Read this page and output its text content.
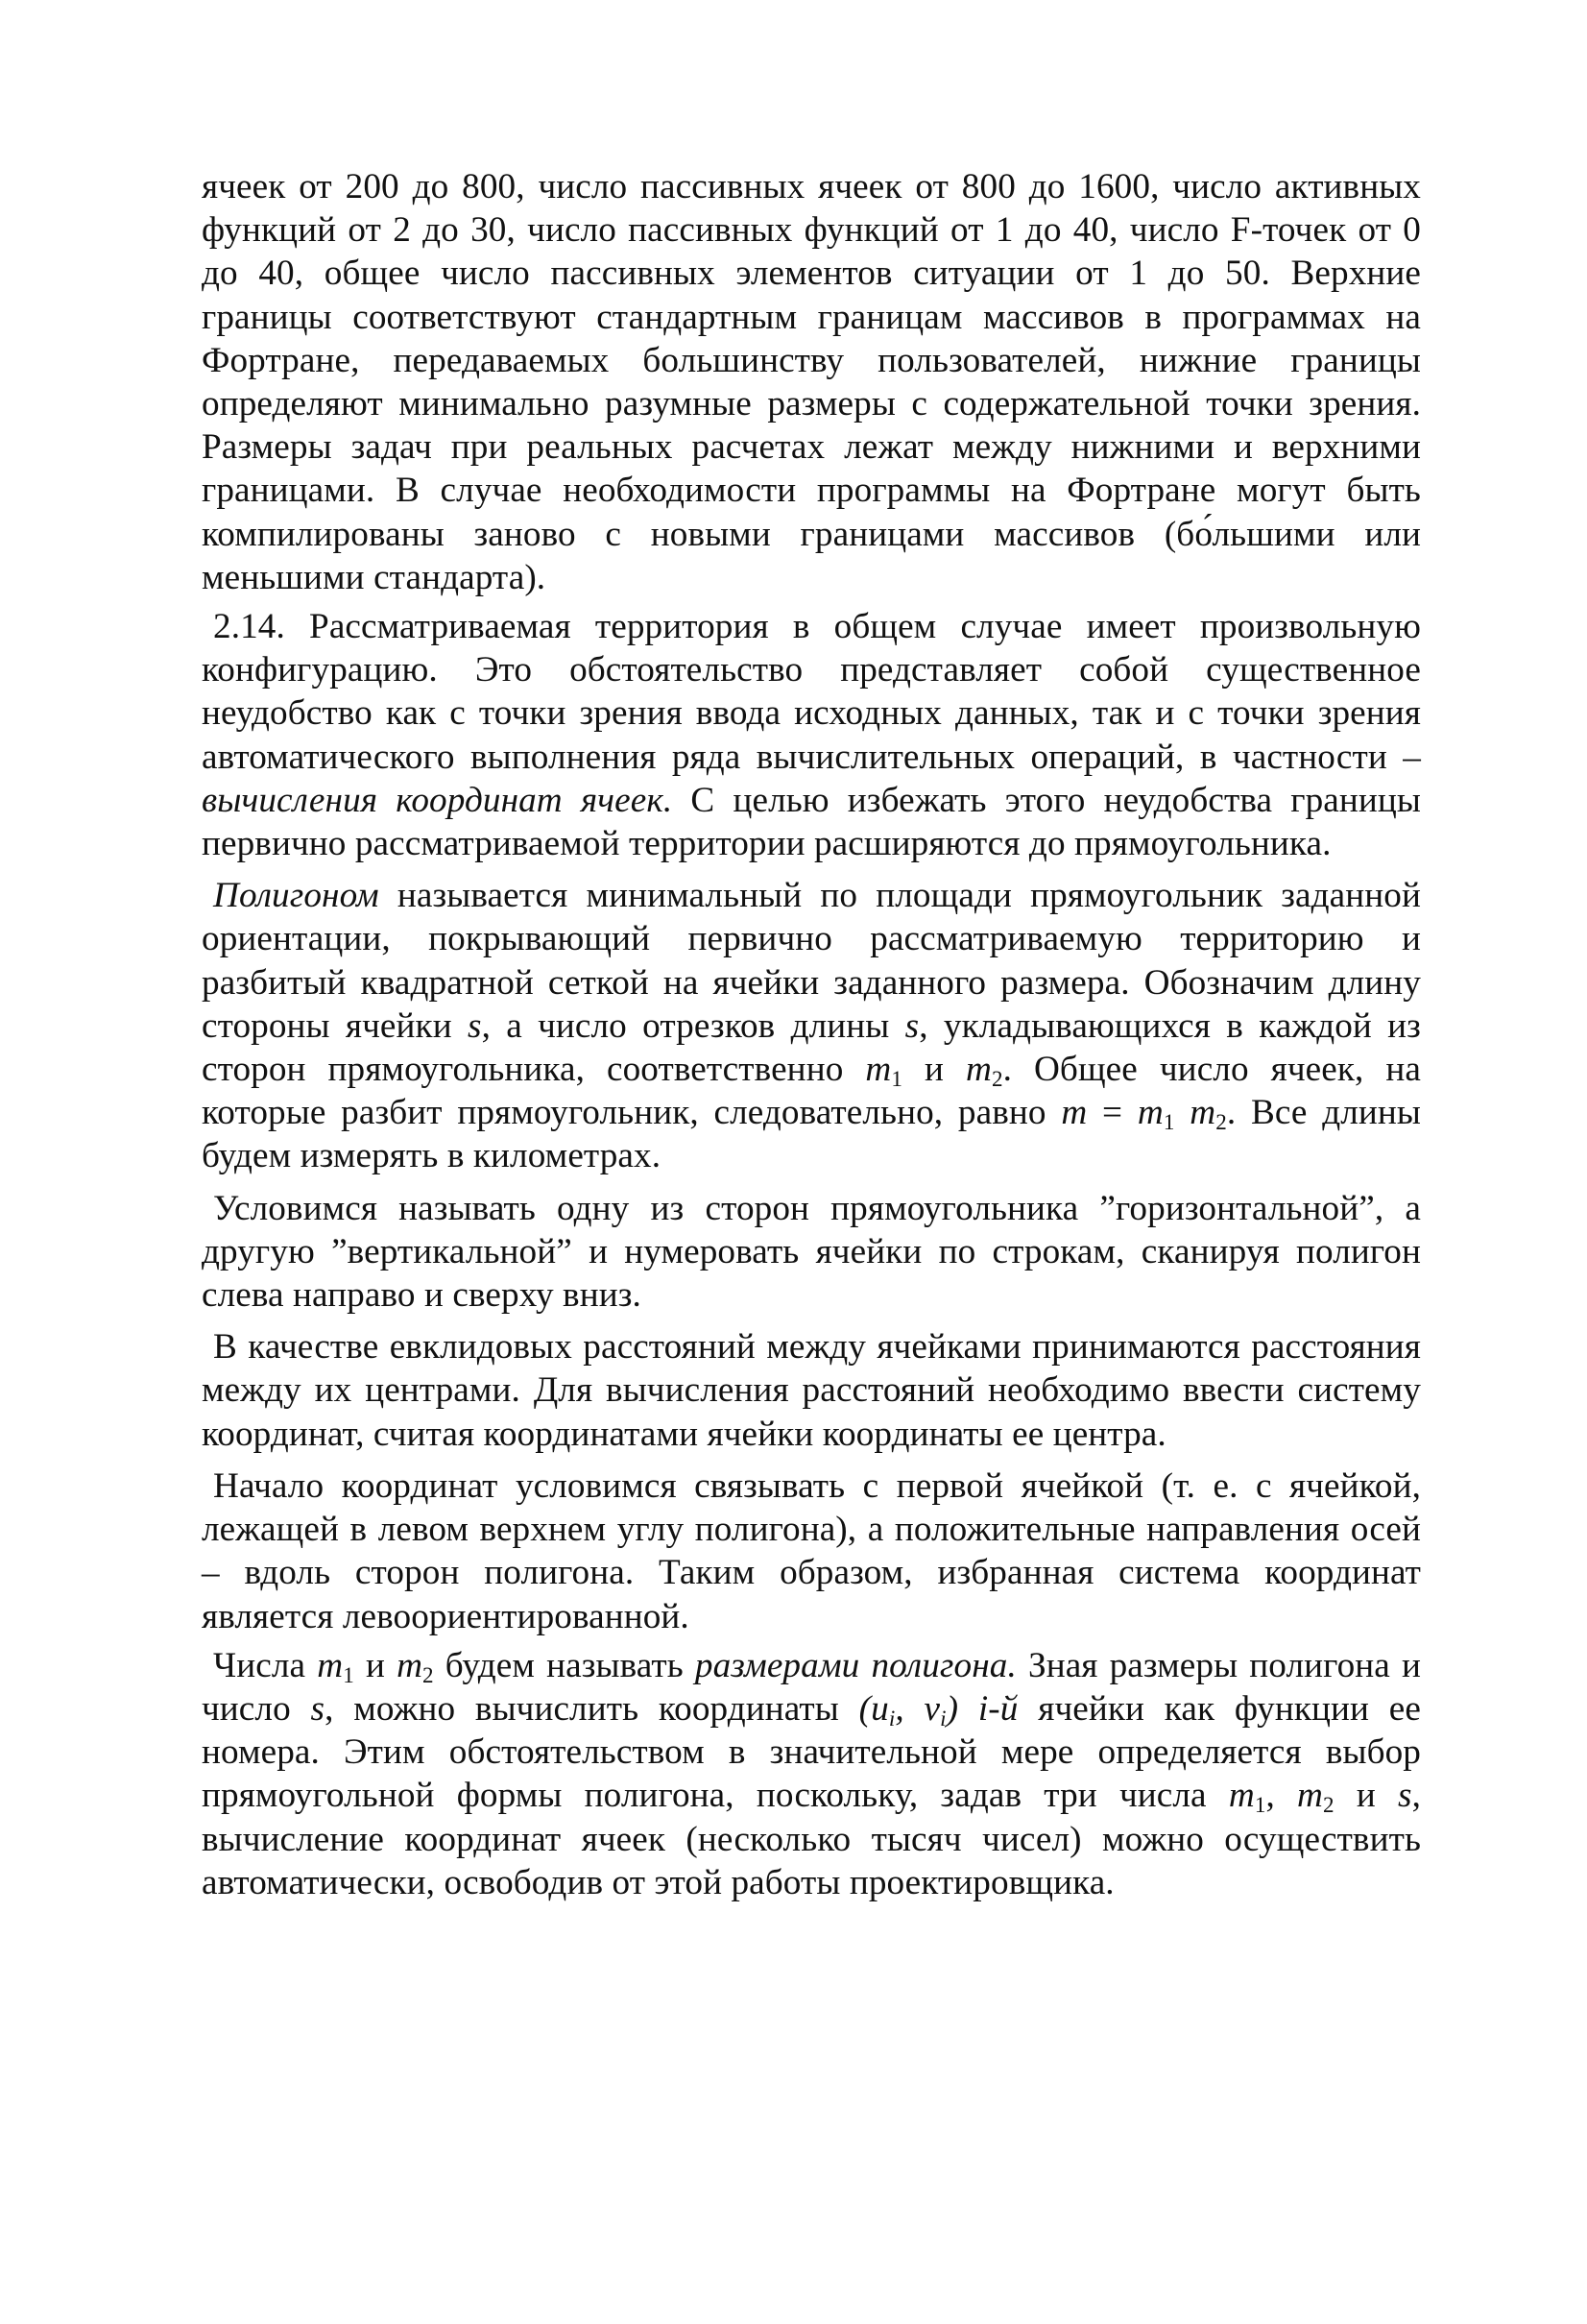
ячеек от 200 до 800, число пассивных ячеек от 800 до 1600, число активных функций от 2 до 30, число пассивных функций от 1 до 40, число F-точек от 0 до 40, общее число пассивных элементов ситуации от 1 до 50. Верхние границы соответствуют стандартным границам массивов в программах на Фортране, передаваемых большинству пользователей, нижние границы определяют минимально разумные размеры с содержательной точки зрения. Размеры задач при реальных расчетах лежат между нижними и верхними границами. В случае необходимости программы на Фортране могут быть компилированы заново с новыми границами массивов (бо́льшими или меньшими стандарта).

2.14. Рассматриваемая территория в общем случае имеет произвольную конфигурацию. Это обстоятельство представляет собой существенное неудобство как с точки зрения ввода исходных данных, так и с точки зрения автоматического выполнения ряда вычислительных операций, в частности – вычисления координат ячеек. С целью избежать этого неудобства границы первично рассматриваемой территории расширяются до прямоугольника.

Полигоном называется минимальный по площади прямоугольник заданной ориентации, покрывающий первично рассматриваемую территорию и разбитый квадратной сеткой на ячейки заданного размера. Обозначим длину стороны ячейки s, а число отрезков длины s, укладывающихся в каждой из сторон прямоугольника, соответственно $m_1$ и $m_2$. Общее число ячеек, на которые разбит прямоугольник, следовательно, равно $m = m_1$ $m_2$. Все длины будем измерять в километрах.

Условимся называть одну из сторон прямоугольника ”горизонтальной”, а другую ”вертикальной” и нумеровать ячейки по строкам, сканируя полигон слева направо и сверху вниз.

В качестве евклидовых расстояний между ячейками принимаются расстояния между их центрами. Для вычисления расстояний необходимо ввести систему координат, считая координатами ячейки координаты ее центра.

Начало координат условимся связывать с первой ячейкой (т. е. с ячейкой, лежащей в левом верхнем углу полигона), а положительные направления осей – вдоль сторон полигона. Таким образом, избранная система координат является левоориентированной.

Числа $m_1$ и $m_2$ будем называть размерами полигона. Зная размеры полигона и число s, можно вычислить координаты ($u_i$, $v_i$) i-й ячейки как функции ее номера. Этим обстоятельством в значительной мере определяется выбор прямоугольной формы полигона, поскольку, задав три числа $m_1$, $m_2$ и s, вычисление координат ячеек (несколько тысяч чисел) можно осуществить автоматически, освободив от этой работы проектировщика.
